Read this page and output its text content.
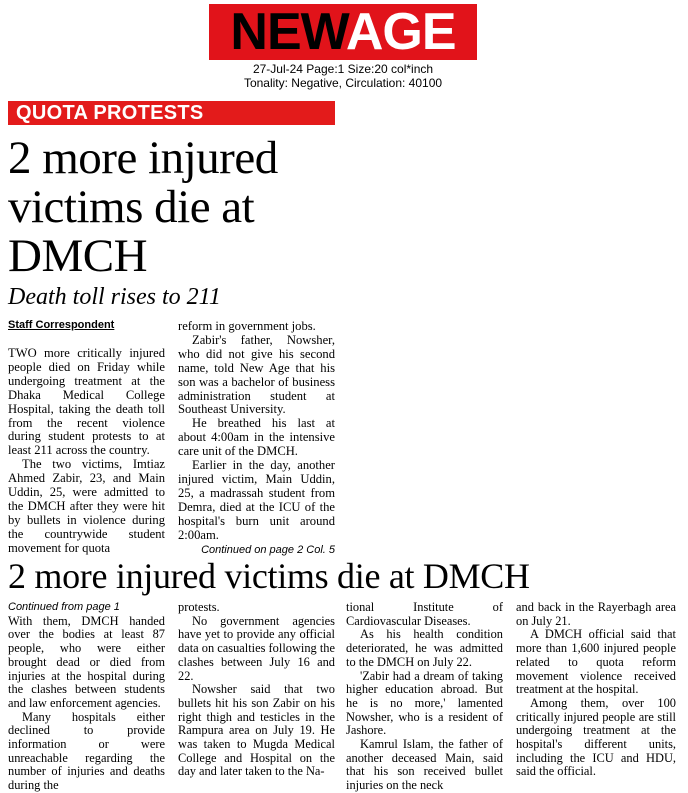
NEWAGE
27-Jul-24 Page:1 Size:20 col*inch
Tonality: Negative, Circulation: 40100
QUOTA PROTESTS
2 more injured victims die at DMCH
Death toll rises to 211
Staff Correspondent

TWO more critically injured people died on Friday while undergoing treatment at the Dhaka Medical College Hospital, taking the death toll from the recent violence during student protests to at least 211 across the country.

The two victims, Imtiaz Ahmed Zabir, 23, and Main Uddin, 25, were admitted to the DMCH after they were hit by bullets in violence during the countrywide student movement for quota

reform in government jobs.

Zabir's father, Nowsher, who did not give his second name, told New Age that his son was a bachelor of business administration student at Southeast University.

He breathed his last at about 4:00am in the intensive care unit of the DMCH.

Earlier in the day, another injured victim, Main Uddin, 25, a madrassah student from Demra, died at the ICU of the hospital's burn unit around 2:00am.

Continued on page 2 Col. 5
2 more injured victims die at DMCH
Continued from page 1

With them, DMCH handed over the bodies at least 87 people, who were either brought dead or died from injuries at the hospital during the clashes between students and law enforcement agencies.

Many hospitals either declined to provide information or were unreachable regarding the number of injuries and deaths during the

protests.

No government agencies have yet to provide any official data on casualties following the clashes between July 16 and 22.

Nowsher said that two bullets hit his son Zabir on his right thigh and testicles in the Rampura area on July 19. He was taken to Mugda Medical College and Hospital on the day and later taken to the Na-

tional Institute of Cardiovascular Diseases.

As his health condition deteriorated, he was admitted to the DMCH on July 22.

'Zabir had a dream of taking higher education abroad. But he is no more,' lamented Nowsher, who is a resident of Jashore.

Kamrul Islam, the father of another deceased Main, said that his son received bullet injuries on the neck

and back in the Rayerbagh area on July 21.

A DMCH official said that more than 1,600 injured people related to quota reform movement violence received treatment at the hospital.

Among them, over 100 critically injured people are still undergoing treatment at the hospital's different units, including the ICU and HDU, said the official.
